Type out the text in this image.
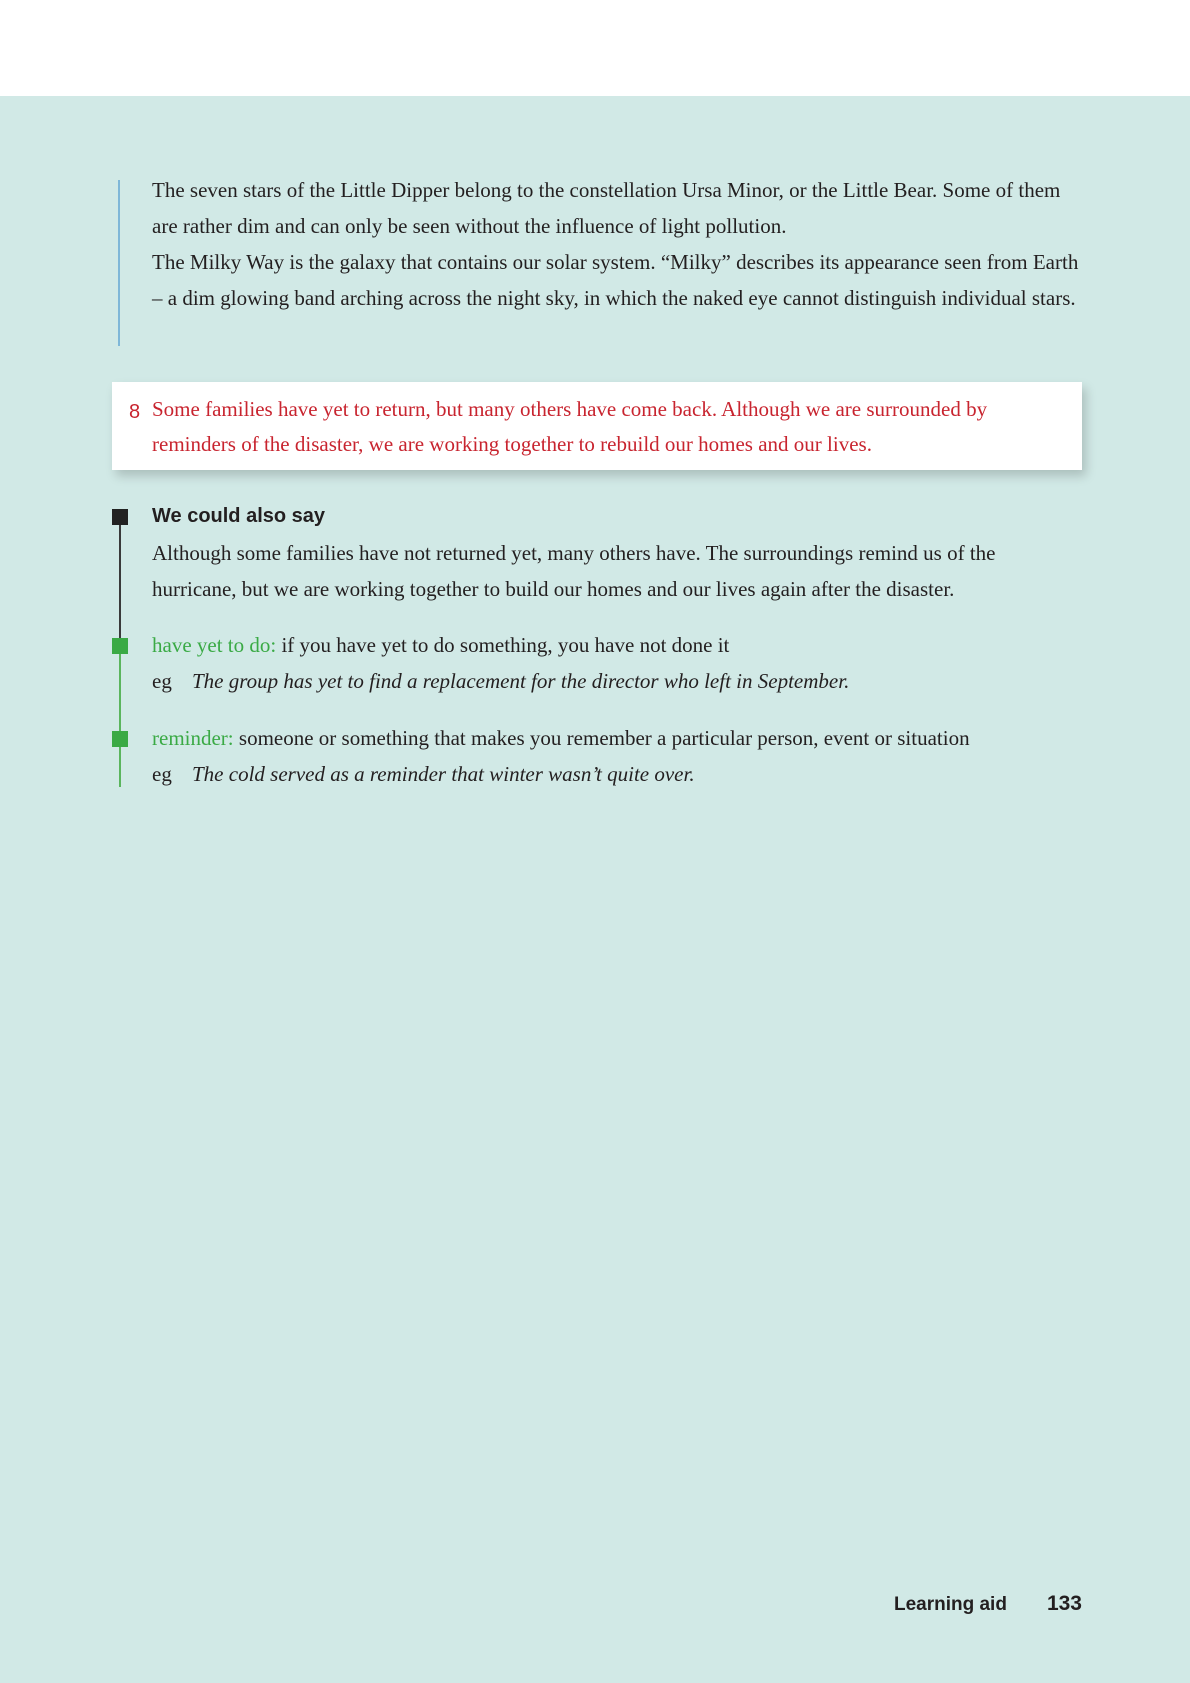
The seven stars of the Little Dipper belong to the constellation Ursa Minor, or the Little Bear. Some of them are rather dim and can only be seen without the influence of light pollution.

The Milky Way is the galaxy that contains our solar system. “Milky” describes its appearance seen from Earth – a dim glowing band arching across the night sky, in which the naked eye cannot distinguish individual stars.

8 Some families have yet to return, but many others have come back. Although we are surrounded by reminders of the disaster, we are working together to rebuild our homes and our lives.

We could also say

Although some families have not returned yet, many others have. The surroundings remind us of the hurricane, but we are working together to build our homes and our lives again after the disaster.

have yet to do: if you have yet to do something, you have not done it

eg The group has yet to find a replacement for the director who left in September.

reminder: someone or something that makes you remember a particular person, event or situation

eg The cold served as a reminder that winter wasn’t quite over.

Learning aid 133
